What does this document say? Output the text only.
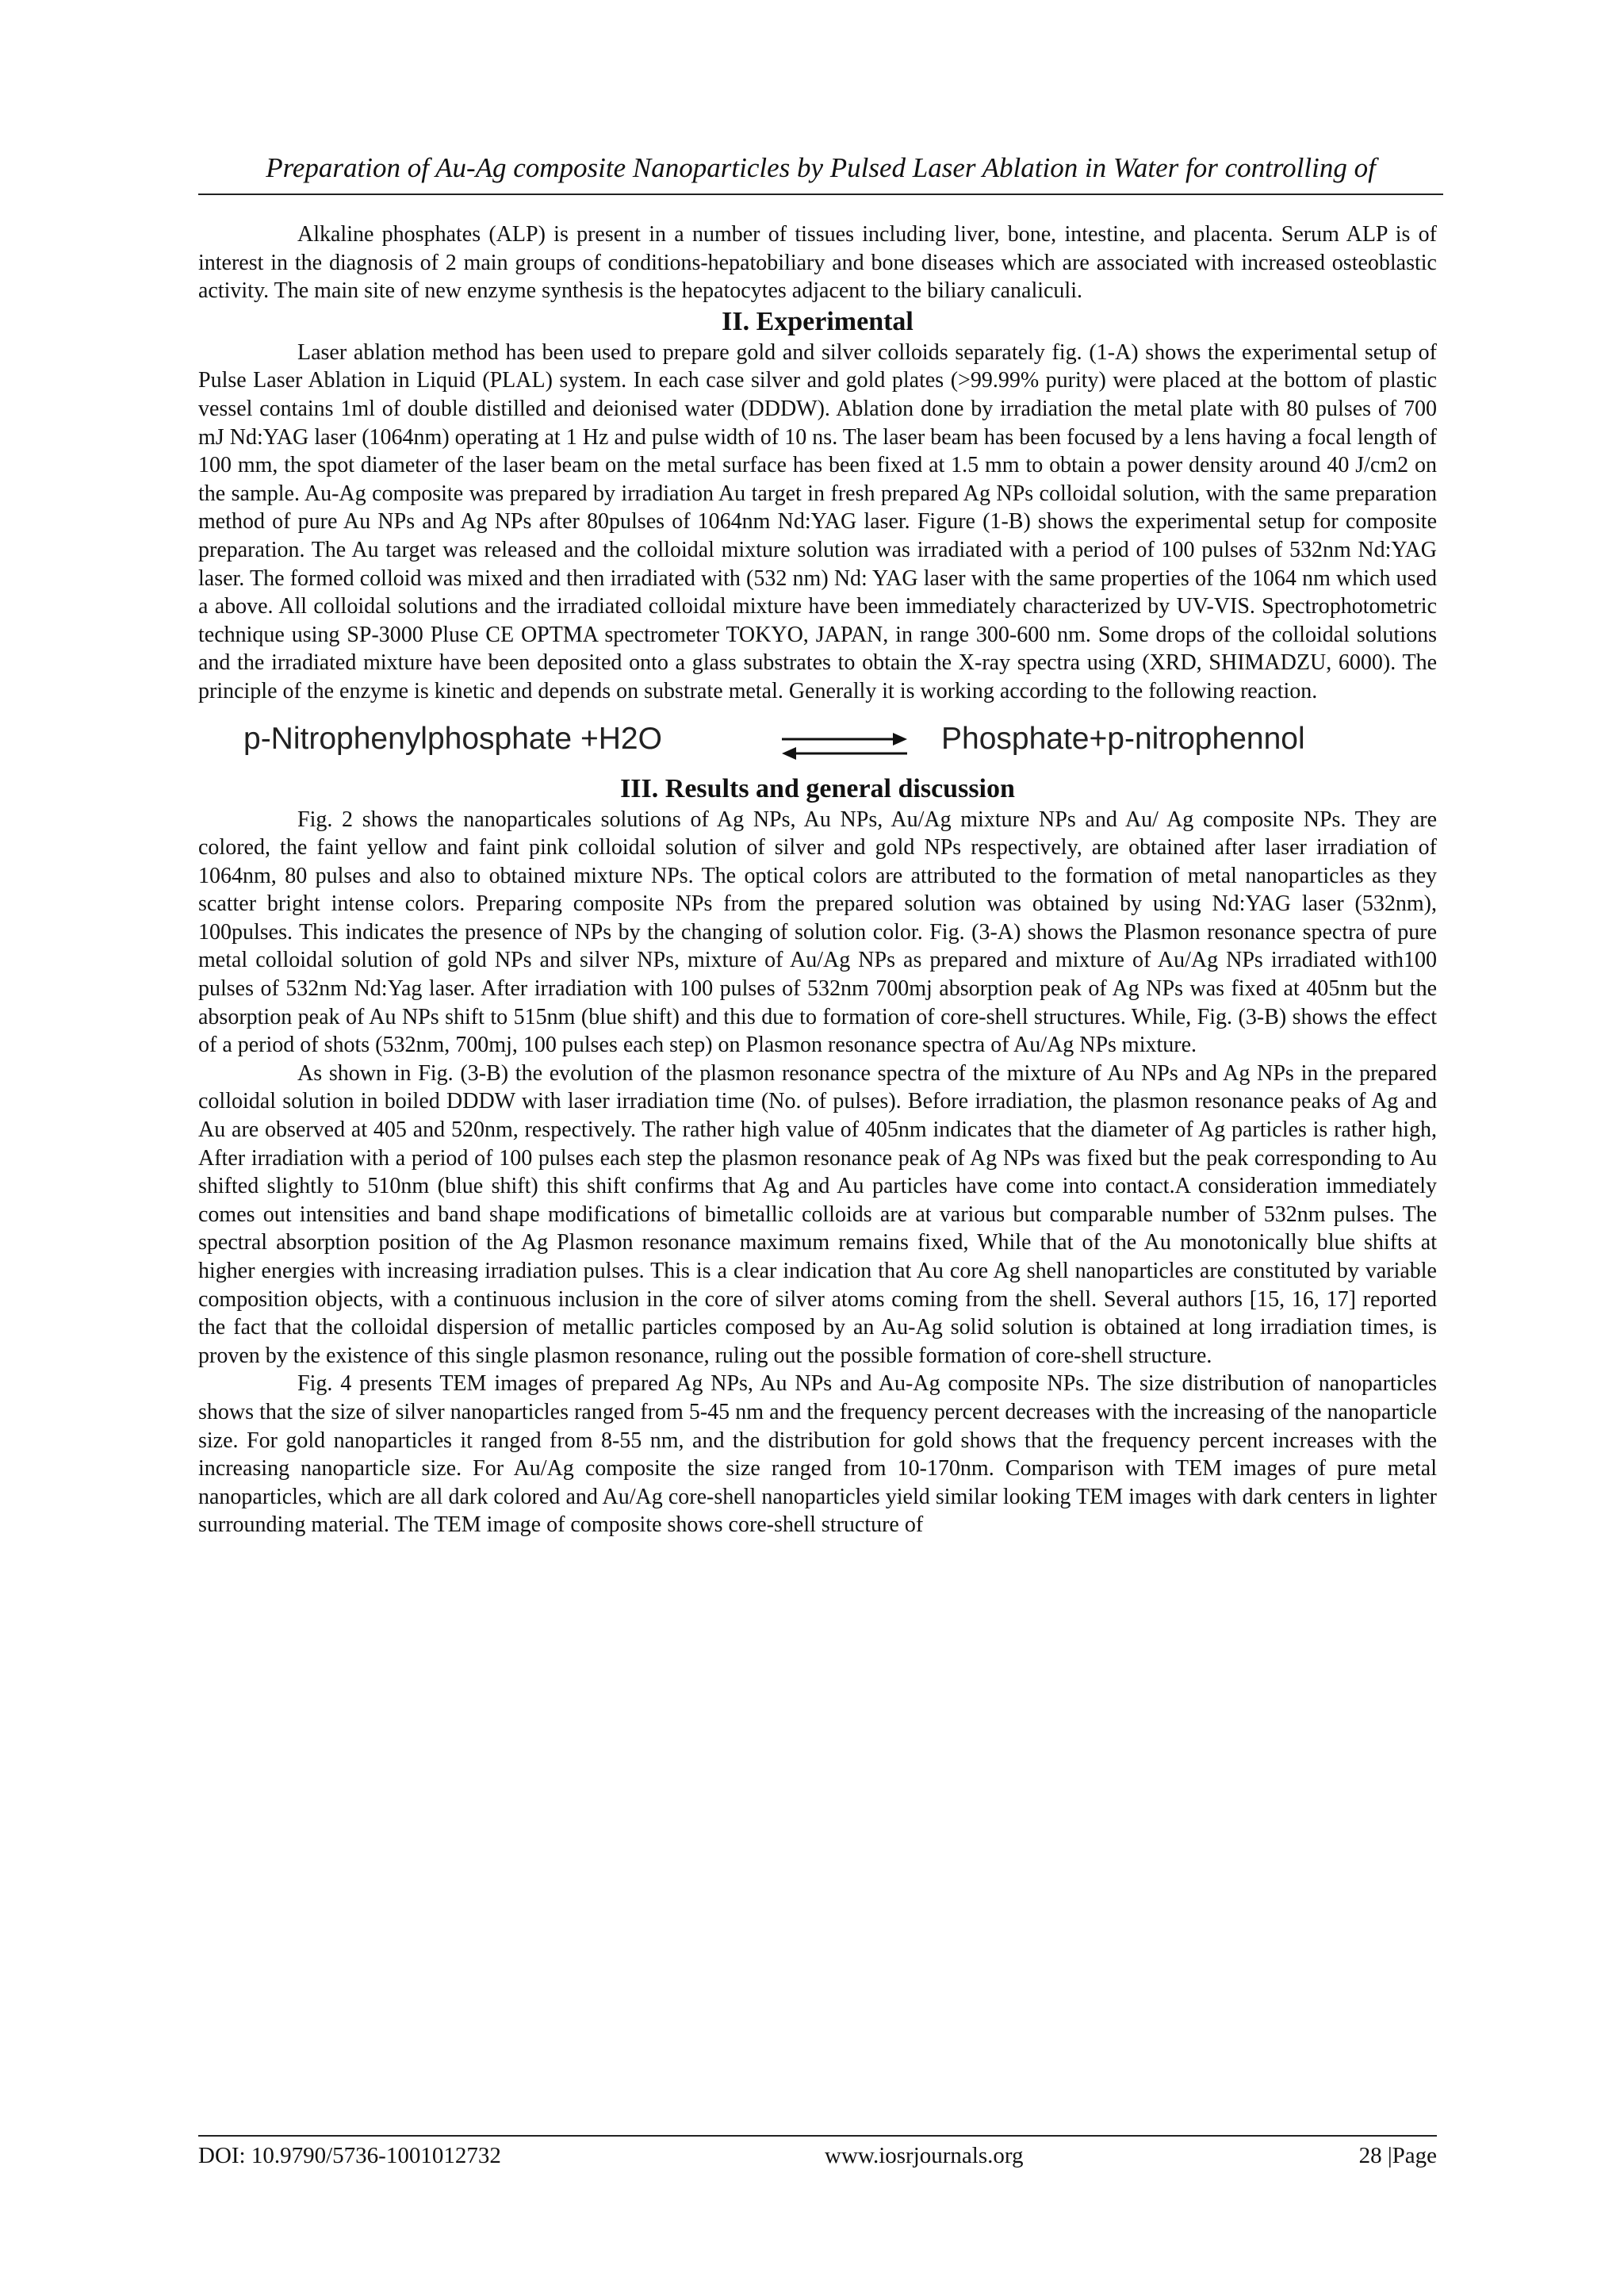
Preparation of Au-Ag composite Nanoparticles by Pulsed Laser Ablation in Water for controlling of

Alkaline phosphates (ALP) is present in a number of tissues including liver, bone, intestine, and placenta. Serum ALP is of interest in the diagnosis of 2 main groups of conditions-hepatobiliary and bone diseases which are associated with increased osteoblastic activity. The main site of new enzyme synthesis is the hepatocytes adjacent to the biliary canaliculi.

II. Experimental

Laser ablation method has been used to prepare gold and silver colloids separately fig. (1-A) shows the experimental setup of Pulse Laser Ablation in Liquid (PLAL) system. In each case silver and gold plates (>99.99% purity) were placed at the bottom of plastic vessel contains 1ml of double distilled and deionised water (DDDW). Ablation done by irradiation the metal plate with 80 pulses of 700 mJ Nd:YAG laser (1064nm) operating at 1 Hz and pulse width of 10 ns. The laser beam has been focused by a lens having a focal length of 100 mm, the spot diameter of the laser beam on the metal surface has been fixed at 1.5 mm to obtain a power density around 40 J/cm2 on the sample. Au-Ag composite was prepared by irradiation Au target in fresh prepared Ag NPs colloidal solution, with the same preparation method of pure Au NPs and Ag NPs after 80pulses of 1064nm Nd:YAG laser. Figure (1-B) shows the experimental setup for composite preparation. The Au target was released and the colloidal mixture solution was irradiated with a period of 100 pulses of 532nm Nd:YAG laser. The formed colloid was mixed and then irradiated with (532 nm) Nd: YAG laser with the same properties of the 1064 nm which used a above. All colloidal solutions and the irradiated colloidal mixture have been immediately characterized by UV-VIS. Spectrophotometric technique using SP-3000 Pluse CE OPTMA spectrometer TOKYO, JAPAN, in range 300-600 nm. Some drops of the colloidal solutions and the irradiated mixture have been deposited onto a glass substrates to obtain the X-ray spectra using (XRD, SHIMADZU, 6000). The principle of the enzyme is kinetic and depends on substrate metal. Generally it is working according to the following reaction.

p-Nitrophenylphosphate +H2O	Phosphate+p-nitrophennol
III. Results and general discussion

Fig. 2 shows the nanoparticales solutions of Ag NPs, Au NPs, Au/Ag mixture NPs and Au/ Ag composite NPs. They are colored, the faint yellow and faint pink colloidal solution of silver and gold NPs respectively, are obtained after laser irradiation of 1064nm, 80 pulses and also to obtained mixture NPs. The optical colors are attributed to the formation of metal nanoparticles as they scatter bright intense colors. Preparing composite NPs from the prepared solution was obtained by using Nd:YAG laser (532nm), 100pulses. This indicates the presence of NPs by the changing of solution color. Fig. (3-A) shows the Plasmon resonance spectra of pure metal colloidal solution of gold NPs and silver NPs, mixture of Au/Ag NPs as prepared and mixture of Au/Ag NPs irradiated with100 pulses of 532nm Nd:Yag laser. After irradiation with 100 pulses of 532nm 700mj absorption peak of Ag NPs was fixed at 405nm but the absorption peak of Au NPs shift to 515nm (blue shift) and this due to formation of core-shell structures. While, Fig. (3-B) shows the effect of a period of shots (532nm, 700mj, 100 pulses each step) on Plasmon resonance spectra of Au/Ag NPs mixture.

As shown in Fig. (3-B) the evolution of the plasmon resonance spectra of the mixture of Au NPs and Ag NPs in the prepared colloidal solution in boiled DDDW with laser irradiation time (No. of pulses). Before irradiation, the plasmon resonance peaks of Ag and Au are observed at 405 and 520nm, respectively. The rather high value of 405nm indicates that the diameter of Ag particles is rather high, After irradiation with a period of 100 pulses each step the plasmon resonance peak of Ag NPs was fixed but the peak corresponding to Au shifted slightly to 510nm (blue shift) this shift confirms that Ag and Au particles have come into contact.A consideration immediately comes out intensities and band shape modifications of bimetallic colloids are at various but comparable number of 532nm pulses. The spectral absorption position of the Ag Plasmon resonance maximum remains fixed, While that of the Au monotonically blue shifts at higher energies with increasing irradiation pulses. This is a clear indication that Au core Ag shell nanoparticles are constituted by variable composition objects, with a continuous inclusion in the core of silver atoms coming from the shell. Several authors [15, 16, 17] reported the fact that the colloidal dispersion of metallic particles composed by an Au-Ag solid solution is obtained at long irradiation times, is proven by the existence of this single plasmon resonance, ruling out the possible formation of core-shell structure.

Fig. 4 presents TEM images of prepared Ag NPs, Au NPs and Au-Ag composite NPs. The size distribution of nanoparticles shows that the size of silver nanoparticles ranged from 5-45 nm and the frequency percent decreases with the increasing of the nanoparticle size. For gold nanoparticles it ranged from 8-55 nm, and the distribution for gold shows that the frequency percent increases with the increasing nanoparticle size. For Au/Ag composite the size ranged from 10-170nm. Comparison with TEM images of pure metal nanoparticles, which are all dark colored and Au/Ag core-shell nanoparticles yield similar looking TEM images with dark centers in lighter surrounding material. The TEM image of composite shows core-shell structure of

DOI: 10.9790/5736-1001012732	www.iosrjournals.org	28 |Page
